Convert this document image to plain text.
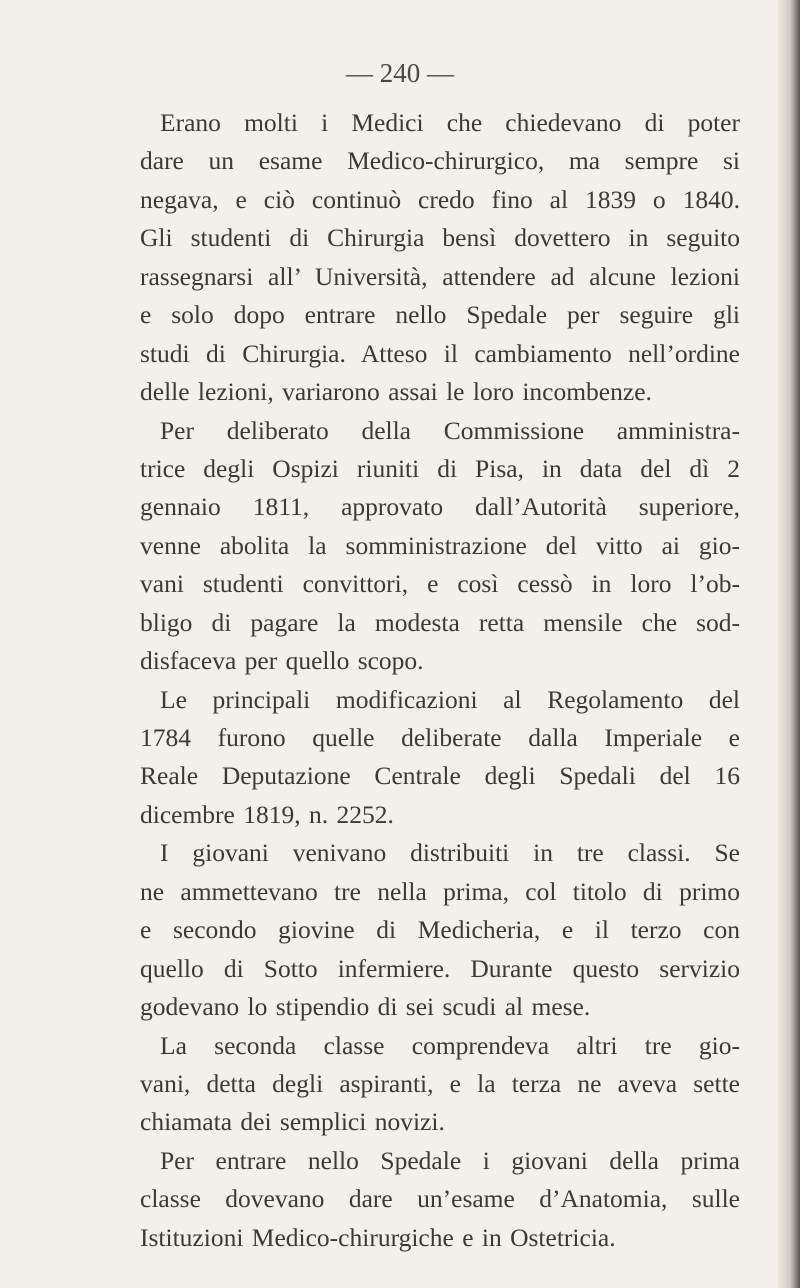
— 240 —
Erano molti i Medici che chiedevano di poter
dare un esame Medico-chirurgico, ma sempre si
negava, e ciò continuò credo fino al 1839 o 1840.
Gli studenti di Chirurgia bensì dovettero in seguito
rassegnarsi all’ Università, attendere ad alcune lezioni
e solo dopo entrare nello Spedale per seguire gli
studi di Chirurgia. Atteso il cambiamento nell’ordine
delle lezioni, variarono assai le loro incombenze.
Per deliberato della Commissione amministra-
trice degli Ospizi riuniti di Pisa, in data del dì 2
gennaio 1811, approvato dall’Autorità superiore,
venne abolita la somministrazione del vitto ai gio-
vani studenti convittori, e così cessò in loro l’ob-
bligo di pagare la modesta retta mensile che sod-
disfaceva per quello scopo.
Le principali modificazioni al Regolamento del
1784 furono quelle deliberate dalla Imperiale e
Reale Deputazione Centrale degli Spedali del 16
dicembre 1819, n. 2252.
I giovani venivano distribuiti in tre classi. Se
ne ammettevano tre nella prima, col titolo di primo
e secondo giovine di Medicheria, e il terzo con
quello di Sotto infermiere. Durante questo servizio
godevano lo stipendio di sei scudi al mese.
La seconda classe comprendeva altri tre gio-
vani, detta degli aspiranti, e la terza ne aveva sette
chiamata dei semplici novizi.
Per entrare nello Spedale i giovani della prima
classe dovevano dare un’esame d’Anatomia, sulle
Istituzioni Medico-chirurgiche e in Ostetricia.
